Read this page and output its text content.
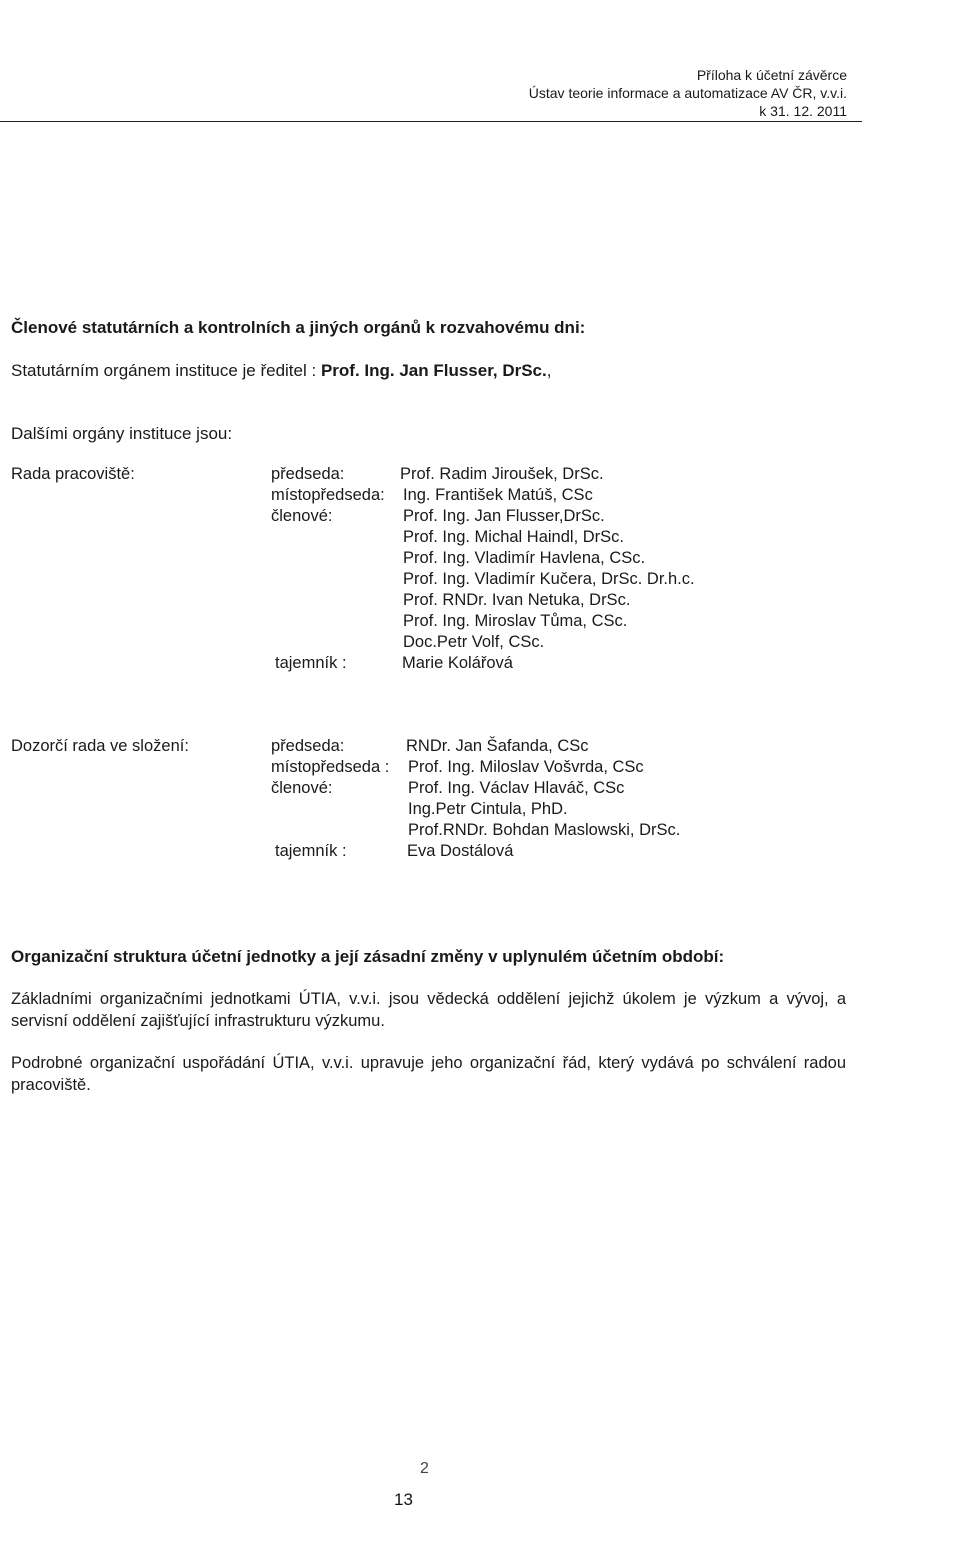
Příloha k účetní závěrce
Ústav teorie informace a automatizace AV ČR, v.v.i.
k 31. 12. 2011
Členové statutárních a kontrolních a jiných orgánů k rozvahovému dni:
Statutárním orgánem instituce je ředitel : Prof. Ing. Jan Flusser, DrSc.,
Dalšími orgány instituce jsou:
Rada pracoviště:	předseda:
místopředseda:
členové:
tajemník :
Prof. Radim Jiroušek, DrSc.
Ing. František Matúš, CSc
Prof. Ing. Jan Flusser,DrSc.
Prof. Ing. Michal Haindl, DrSc.
Prof. Ing. Vladimír Havlena, CSc.
Prof. Ing. Vladimír Kučera, DrSc. Dr.h.c.
Prof. RNDr. Ivan Netuka, DrSc.
Prof. Ing. Miroslav Tůma, CSc.
Doc.Petr Volf, CSc.
Marie Kolářová
Dozorčí rada ve složení:	předseda:
místopředseda :
členové:
tajemník :
RNDr. Jan Šafanda, CSc
Prof. Ing. Miloslav Vošvrda, CSc
Prof. Ing. Václav Hlaváč, CSc
Ing.Petr Cintula, PhD.
Prof.RNDr. Bohdan Maslowski, DrSc.
Eva Dostálová
Organizační struktura účetní jednotky a její zásadní změny v uplynulém účetním období:
Základními organizačními jednotkami ÚTIA, v.v.i. jsou vědecká oddělení jejichž úkolem je výzkum a vývoj, a servisní oddělení zajišťující infrastrukturu výzkumu.
Podrobné organizační uspořádání ÚTIA, v.v.i. upravuje jeho organizační řád, který vydává po schválení radou pracoviště.
2
13
